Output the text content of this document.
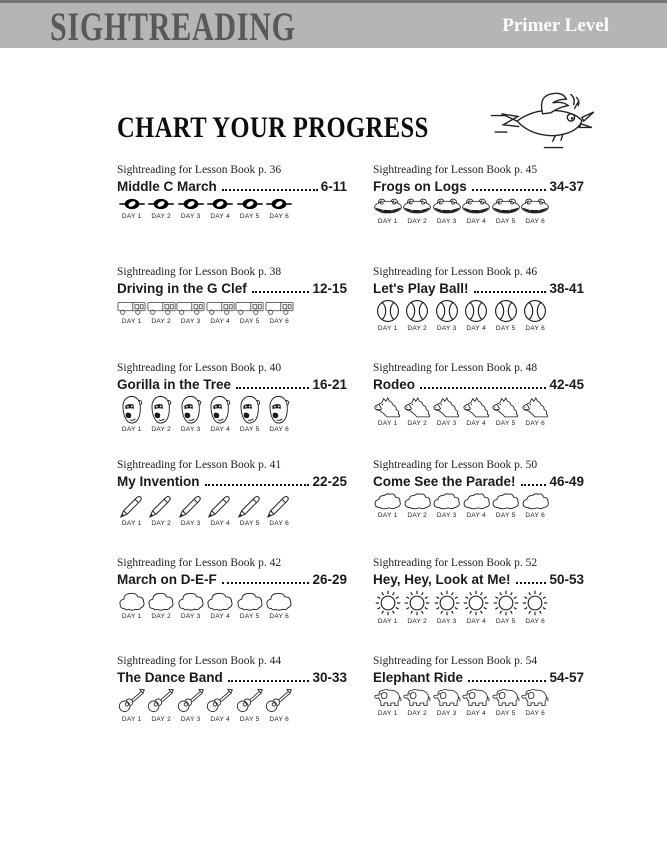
SIGHTREADING	Primer Level
CHART YOUR PROGRESS
Sightreading for Lesson Book p. 36
Middle C March	6-11
DAY 1 DAY 2 DAY 3 DAY 4 DAY 5 DAY 6
Sightreading for Lesson Book p. 38
Driving in the G Clef	12-15
DAY 1 DAY 2 DAY 3 DAY 4 DAY 5 DAY 6
Sightreading for Lesson Book p. 40
Gorilla in the Tree	16-21
DAY 1 DAY 2 DAY 3 DAY 4 DAY 5 DAY 6
Sightreading for Lesson Book p. 41
My Invention	22-25
DAY 1 DAY 2 DAY 3 DAY 4 DAY 5 DAY 6
Sightreading for Lesson Book p. 42
March on D-E-F	26-29
DAY 1 DAY 2 DAY 3 DAY 4 DAY 5 DAY 6
Sightreading for Lesson Book p. 44
The Dance Band	30-33
DAY 1 DAY 2 DAY 3 DAY 4 DAY 5 DAY 6
Sightreading for Lesson Book p. 45
Frogs on Logs	34-37
DAY 1 DAY 2 DAY 3 DAY 4 DAY 5 DAY 6
Sightreading for Lesson Book p. 46
Let's Play Ball!	38-41
DAY 1 DAY 2 DAY 3 DAY 4 DAY 5 DAY 6
Sightreading for Lesson Book p. 48
Rodeo	42-45
DAY 1 DAY 2 DAY 3 DAY 4 DAY 5 DAY 6
Sightreading for Lesson Book p. 50
Come See the Parade!	46-49
DAY 1 DAY 2 DAY 3 DAY 4 DAY 5 DAY 6
Sightreading for Lesson Book p. 52
Hey, Hey, Look at Me!	50-53
DAY 1 DAY 2 DAY 3 DAY 4 DAY 5 DAY 6
Sightreading for Lesson Book p. 54
Elephant Ride	54-57
DAY 1 DAY 2 DAY 3 DAY 4 DAY 5 DAY 6
